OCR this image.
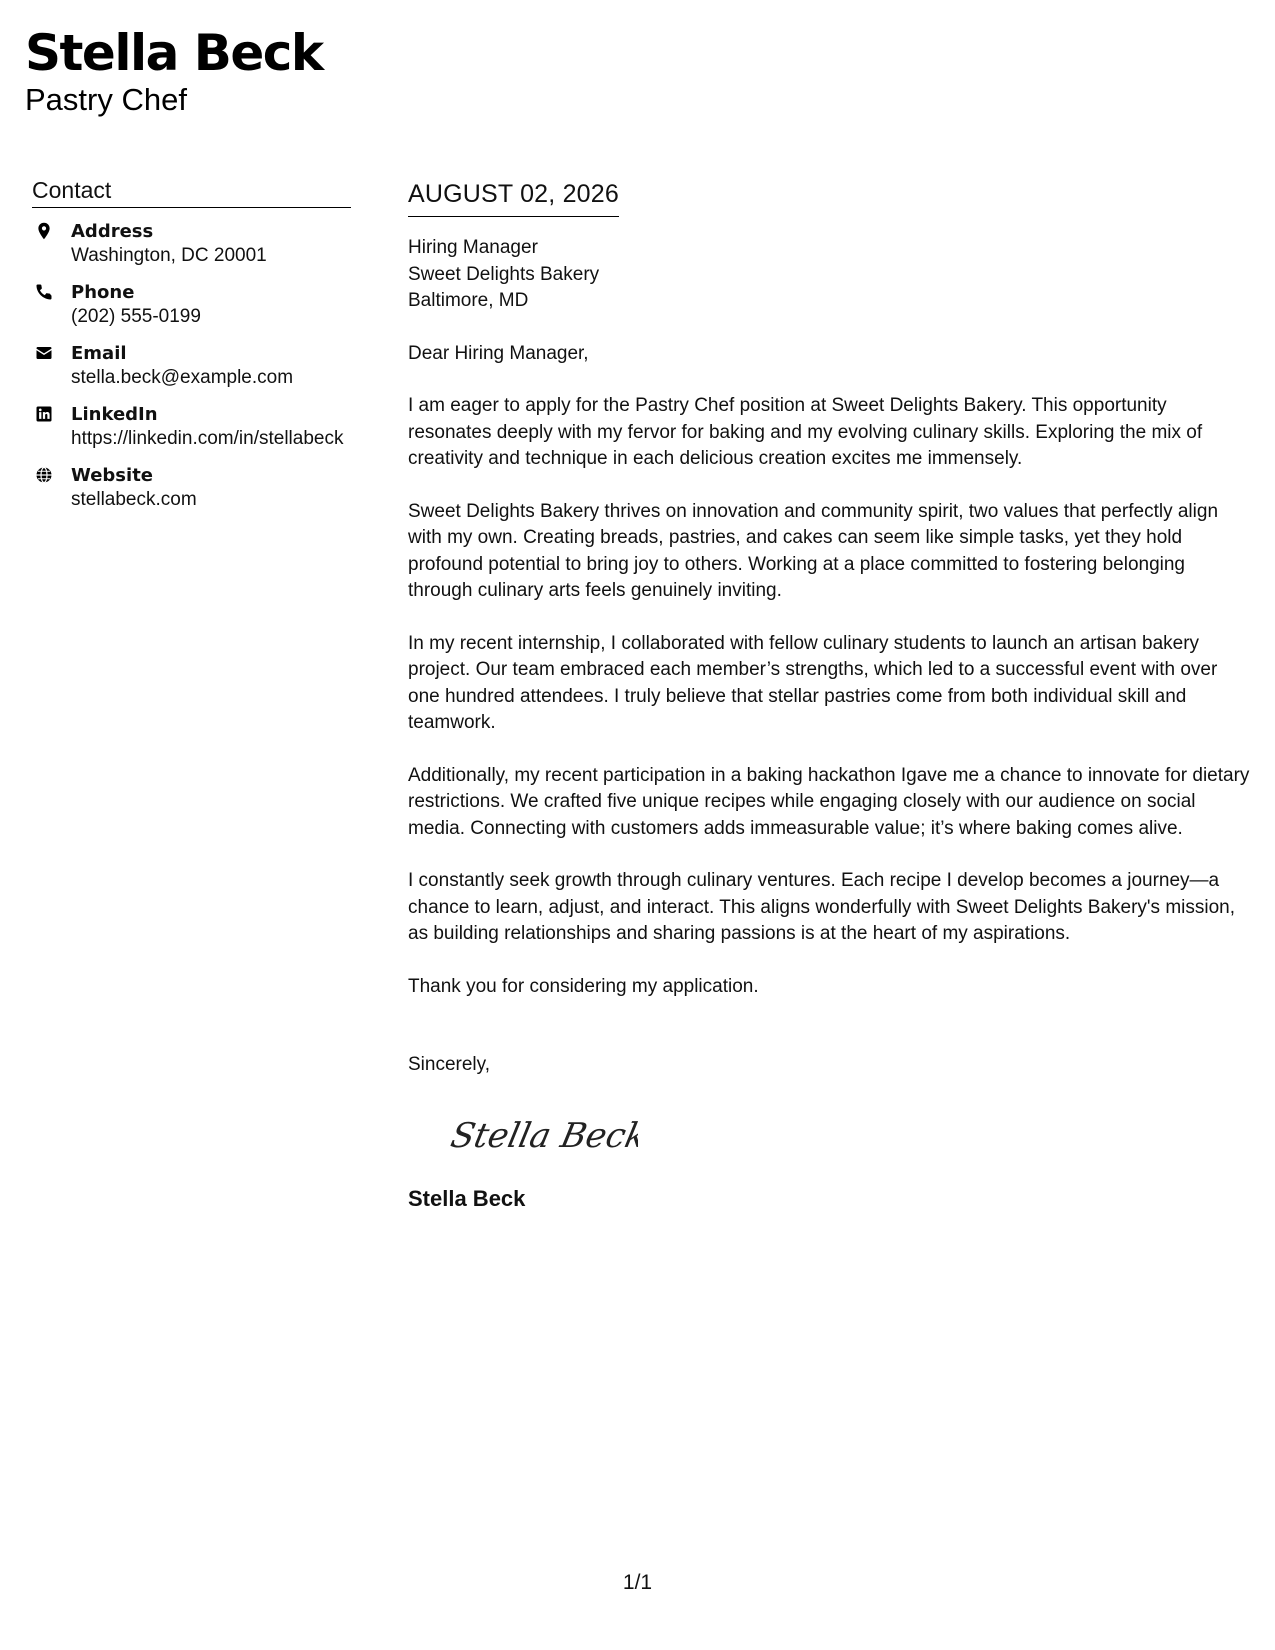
Stella Beck
Pastry Chef
Contact
Address
Washington, DC 20001
Phone
(202) 555-0199
Email
stella.beck@example.com
LinkedIn
https://linkedin.com/in/stellabeck
Website
stellabeck.com
AUGUST 02, 2026
Hiring Manager
Sweet Delights Bakery
Baltimore, MD
Dear Hiring Manager,
I am eager to apply for the Pastry Chef position at Sweet Delights Bakery. This opportunity resonates deeply with my fervor for baking and my evolving culinary skills. Exploring the mix of creativity and technique in each delicious creation excites me immensely.
Sweet Delights Bakery thrives on innovation and community spirit, two values that perfectly align with my own. Creating breads, pastries, and cakes can seem like simple tasks, yet they hold profound potential to bring joy to others. Working at a place committed to fostering belonging through culinary arts feels genuinely inviting.
In my recent internship, I collaborated with fellow culinary students to launch an artisan bakery project. Our team embraced each member’s strengths, which led to a successful event with over one hundred attendees. I truly believe that stellar pastries come from both individual skill and teamwork.
Additionally, my recent participation in a baking hackathon Igave me a chance to innovate for dietary restrictions. We crafted five unique recipes while engaging closely with our audience on social media. Connecting with customers adds immeasurable value; it’s where baking comes alive.
I constantly seek growth through culinary ventures. Each recipe I develop becomes a journey—a chance to learn, adjust, and interact. This aligns wonderfully with Sweet Delights Bakery's mission, as building relationships and sharing passions is at the heart of my aspirations.
Thank you for considering my application.
Sincerely,
Stella Beck
Stella Beck
1/1
